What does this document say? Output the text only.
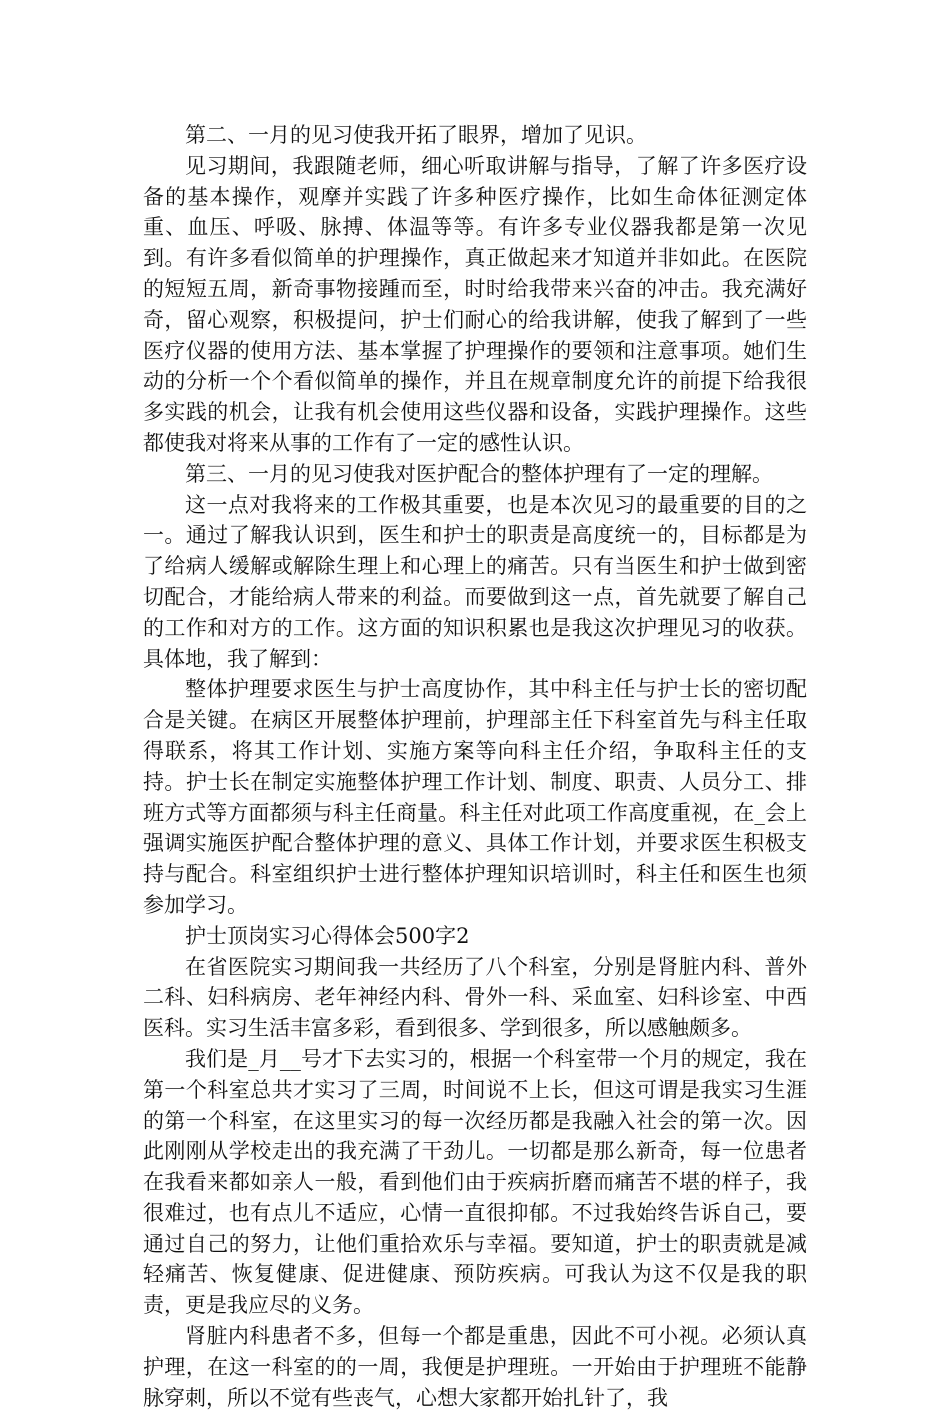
第二、一月的见习使我开拓了眼界，增加了见识。

见习期间，我跟随老师，细心听取讲解与指导，了解了许多医疗设备的基本操作，观摩并实践了许多种医疗操作，比如生命体征测定体重、血压、呼吸、脉搏、体温等等。有许多专业仪器我都是第一次见到。有许多看似简单的护理操作，真正做起来才知道并非如此。在医院的短短五周，新奇事物接踵而至，时时给我带来兴奋的冲击。我充满好奇，留心观察，积极提问，护士们耐心的给我讲解，使我了解到了一些医疗仪器的使用方法、基本掌握了护理操作的要领和注意事项。她们生动的分析一个个看似简单的操作，并且在规章制度允许的前提下给我很多实践的机会，让我有机会使用这些仪器和设备，实践护理操作。这些都使我对将来从事的工作有了一定的感性认识。

第三、一月的见习使我对医护配合的整体护理有了一定的理解。

这一点对我将来的工作极其重要，也是本次见习的最重要的目的之一。通过了解我认识到，医生和护士的职责是高度统一的，目标都是为了给病人缓解或解除生理上和心理上的痛苦。只有当医生和护士做到密切配合，才能给病人带来的利益。而要做到这一点，首先就要了解自己的工作和对方的工作。这方面的知识积累也是我这次护理见习的收获。具体地，我了解到：

整体护理要求医生与护士高度协作，其中科主任与护士长的密切配合是关键。在病区开展整体护理前，护理部主任下科室首先与科主任取得联系，将其工作计划、实施方案等向科主任介绍，争取科主任的支持。护士长在制定实施整体护理工作计划、制度、职责、人员分工、排班方式等方面都须与科主任商量。科主任对此项工作高度重视，在_会上强调实施医护配合整体护理的意义、具体工作计划，并要求医生积极支持与配合。科室组织护士进行整体护理知识培训时，科主任和医生也须参加学习。

护士顶岗实习心得体会500字2

在省医院实习期间我一共经历了八个科室，分别是肾脏内科、普外二科、妇科病房、老年神经内科、骨外一科、采血室、妇科诊室、中西医科。实习生活丰富多彩，看到很多、学到很多，所以感触颇多。

我们是_月__号才下去实习的，根据一个科室带一个月的规定，我在第一个科室总共才实习了三周，时间说不上长，但这可谓是我实习生涯的第一个科室，在这里实习的每一次经历都是我融入社会的第一次。因此刚刚从学校走出的我充满了干劲儿。一切都是那么新奇，每一位患者在我看来都如亲人一般，看到他们由于疾病折磨而痛苦不堪的样子，我很难过，也有点儿不适应，心情一直很抑郁。不过我始终告诉自己，要通过自己的努力，让他们重拾欢乐与幸福。要知道，护士的职责就是减轻痛苦、恢复健康、促进健康、预防疾病。可我认为这不仅是我的职责，更是我应尽的义务。

肾脏内科患者不多，但每一个都是重患，因此不可小视。必须认真护理，在这一科室的的一周，我便是护理班。一开始由于护理班不能静脉穿刺，所以不觉有些丧气，心想大家都开始扎针了，我
